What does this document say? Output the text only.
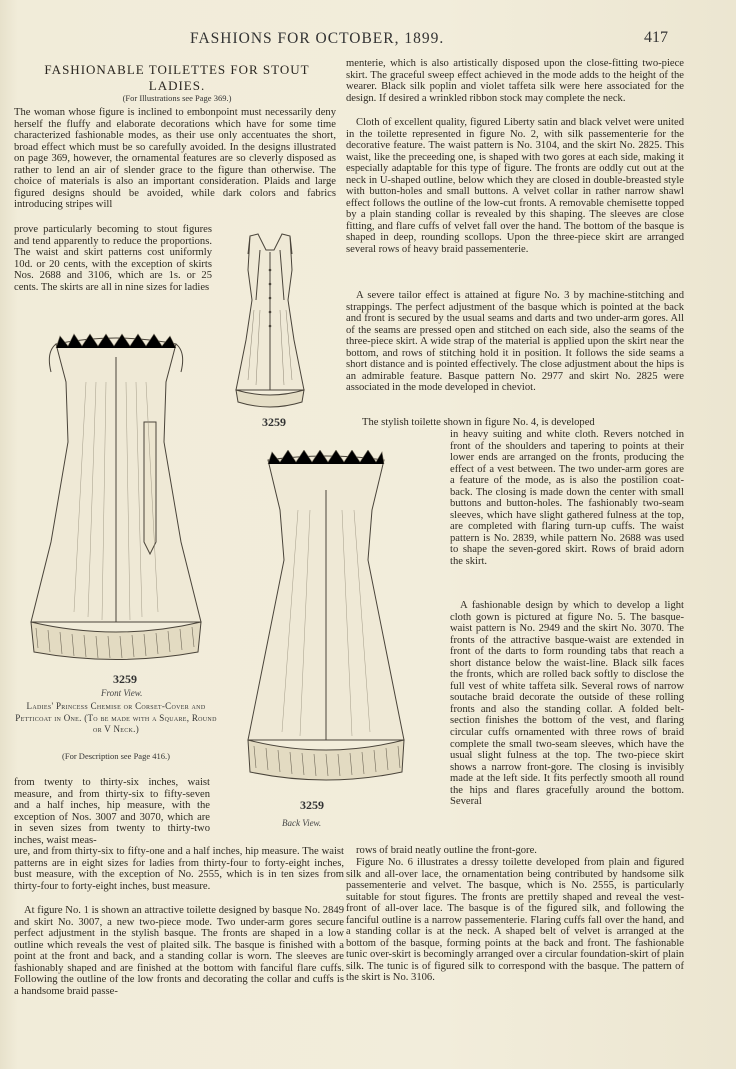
FASHIONS FOR OCTOBER, 1899.	417
FASHIONABLE TOILETTES FOR STOUT
LADIES.
(For Illustrations see Page 369.)

The woman whose figure is inclined to embonpoint must necessarily deny herself the fluffy and elaborate decorations which have for some time characterized fashionable modes, as their use only accentuates the short, broad effect which must be so carefully avoided. In the designs illustrated on page 369, however, the ornamental features are so cleverly disposed as rather to lend an air of slender grace to the figure than otherwise. The choice of materials is also an important consideration. Plaids and large figured designs should be avoided, while dark colors and fabrics introducing stripes will

prove particularly becoming to stout figures and tend apparently to reduce the proportions. The waist and skirt patterns cost uniformly 10d. or 20 cents, with the exception of skirts Nos. 2688 and 3106, which are 1s. or 25 cents. The skirts are all in nine sizes for ladies

from twenty to thirty-six inches, waist measure, and from thirty-six to fifty-seven and a half inches, hip measure, with the exception of Nos. 3007 and 3070, which are in seven sizes from twenty to thirty-two inches, waist meas-

ure, and from thirty-six to fifty-one and a half inches, hip measure. The waist patterns are in eight sizes for ladies from thirty-four to forty-eight inches, bust measure, with the exception of No. 2555, which is in ten sizes from thirty-four to forty-eight inches, bust measure.

At figure No. 1 is shown an attractive toilette designed by basque No. 2849 and skirt No. 3007, a new two-piece mode. Two under-arm gores secure perfect adjustment in the stylish basque. The fronts are shaped in a low outline which reveals the vest of plaited silk. The basque is finished with a point at the front and back, and a standing collar is worn. The sleeves are fashionably shaped and are finished at the bottom with fanciful flare cuffs. Following the outline of the low fronts and decorating the collar and cuffs is a handsome braid passe-

menterie, which is also artistically disposed upon the close-fitting two-piece skirt. The graceful sweep effect achieved in the mode adds to the height of the wearer. Black silk poplin and violet taffeta silk were here associated for the design. If desired a wrinkled ribbon stock may complete the neck.

Cloth of excellent quality, figured Liberty satin and black velvet were united in the toilette represented in figure No. 2, with silk passementerie for the decorative feature. The waist pattern is No. 3104, and the skirt No. 2825. This waist, like the preceeding one, is shaped with two gores at each side, making it especially adaptable for this type of figure. The fronts are oddly cut out at the neck in U-shaped outline, below which they are closed in double-breasted style with button-holes and small buttons. A velvet collar in rather narrow shawl effect follows the outline of the low-cut fronts. A removable chemisette topped by a plain standing collar is revealed by this shaping. The sleeves are close fitting, and flare cuffs of velvet fall over the hand. The bottom of the basque is shaped in deep, rounding scollops. Upon the three-piece skirt are arranged several rows of heavy braid passementerie.

A severe tailor effect is attained at figure No. 3 by machine-stitching and strappings. The perfect adjustment of the basque which is pointed at the back and front is secured by the usual seams and darts and two under-arm gores. All of the seams are pressed open and stitched on each side, also the seams of the three-piece skirt. A wide strap of the material is applied upon the skirt near the bottom, and rows of stitching hold it in position. It follows the side seams a short distance and is pointed effectively. The close adjustment about the hips is an admirable feature. Basque pattern No. 2977 and skirt No. 2825 were associated in the mode developed in cheviot.

The stylish toilette shown in figure No. 4, is developed

in heavy suiting and white cloth. Revers notched in front of the shoulders and tapering to points at their lower ends are arranged on the fronts, producing the effect of a vest between. The two under-arm gores are a feature of the mode, as is also the postilion coat-back. The closing is made down the center with small buttons and button-holes. The fashionably two-seam sleeves, which have slight gathered fulness at the top, are completed with flaring turn-up cuffs. The waist pattern is No. 2839, while pattern No. 2688 was used to shape the seven-gored skirt. Rows of braid adorn the skirt.

A fashionable design by which to develop a light cloth gown is pictured at figure No. 5. The basque-waist pattern is No. 2949 and the skirt No. 3070. The fronts of the attractive basque-waist are extended in front of the darts to form rounding tabs that reach a short distance below the waist-line. Black silk faces the fronts, which are rolled back softly to disclose the full vest of white taffeta silk. Several rows of narrow soutache braid decorate the outside of these rolling fronts and also the standing collar. A folded belt-section finishes the bottom of the vest, and flaring circular cuffs ornamented with three rows of braid complete the small two-seam sleeves, which have the usual slight fulness at the top. The two-piece skirt shows a narrow front-gore. The closing is invisibly made at the left side. It fits perfectly smooth all round the hips and flares gracefully around the bottom. Several

rows of braid neatly outline the front-gore.

Figure No. 6 illustrates a dressy toilette developed from plain and figured silk and all-over lace, the ornamentation being contributed by handsome silk passementerie and velvet. The basque, which is No. 2555, is particularly suitable for stout figures. The fronts are prettily shaped and reveal the vest-front of all-over lace. The basque is of the figured silk, and following the fanciful outline is a narrow passementerie. Flaring cuffs fall over the hand, and a standing collar is at the neck. A shaped belt of velvet is arranged at the bottom of the basque, forming points at the back and front. The fashionable tunic over-skirt is becomingly arranged over a circular foundation-skirt of plain silk. The tunic is of figured silk to correspond with the basque. The pattern of the skirt is No. 3106.

3259
3259
Front View.
3259
Back View.
Ladies' Princess Chemise or Corset-Cover and Petticoat in One. (To be made with a Square, Round or V Neck.)
(For Description see Page 416.)
